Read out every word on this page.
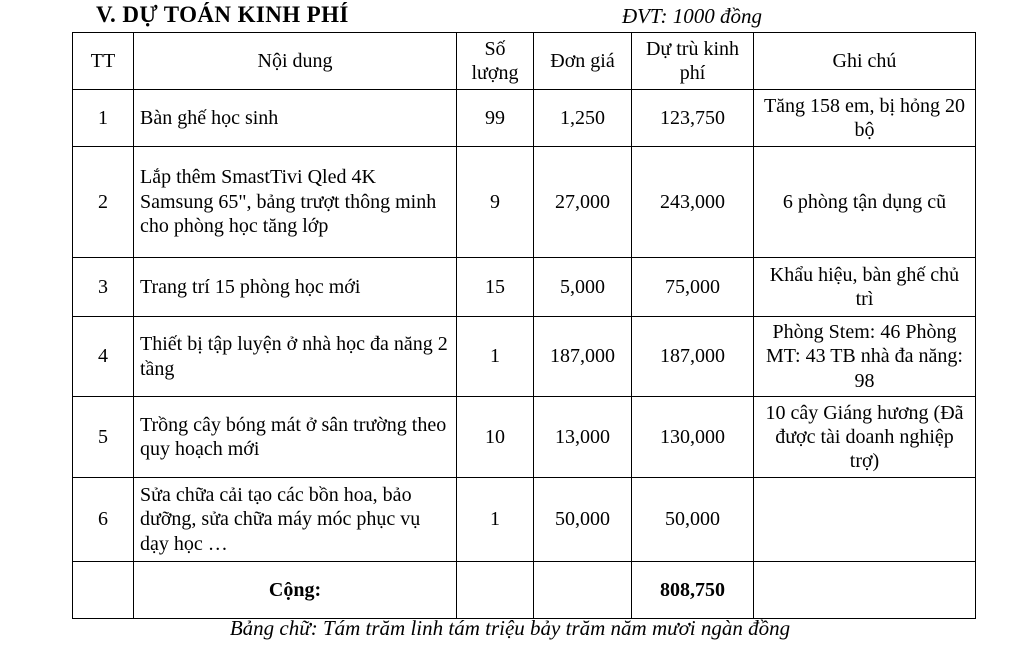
V. DỰ TOÁN KINH PHÍ	ĐVT: 1000 đồng
TT	Nội dung	Số lượng	Đơn giá	Dự trù kinh phí	Ghi chú
1	Bàn ghế học sinh	99	1,250	123,750	Tăng 158 em, bị hỏng 20 bộ
2	Lắp thêm SmastTivi Qled 4K Samsung 65", bảng trượt thông minh cho phòng học tăng lớp	9	27,000	243,000	6 phòng tận dụng cũ
3	Trang trí 15 phòng học mới	15	5,000	75,000	Khẩu hiệu, bàn ghế chủ trì
4	Thiết bị tập luyện ở nhà học đa năng 2 tầng	1	187,000	187,000	Phòng Stem: 46 Phòng MT: 43 TB nhà đa năng: 98
5	Trồng cây bóng mát ở sân trường theo quy hoạch mới	10	13,000	130,000	10 cây Giáng hương (Đã được tài doanh nghiệp trợ)
6	Sửa chữa cải tạo các bồn hoa, bảo dưỡng, sửa chữa máy móc phục vụ dạy học …	1	50,000	50,000	
	Cộng:			808,750	
Bảng chữ: Tám trăm linh tám triệu bảy trăm năm mươi ngàn đồng
